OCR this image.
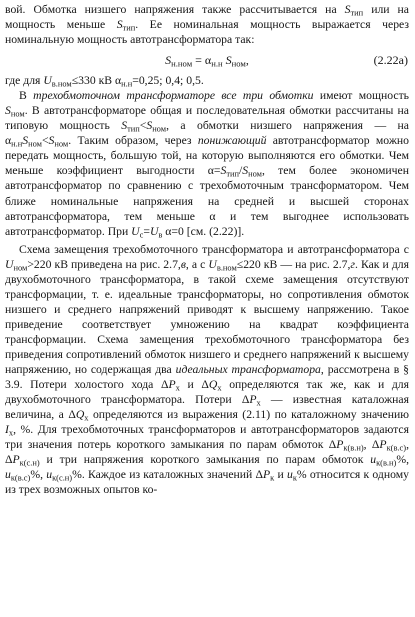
вой. Обмотка низшего напряжения также рассчитывается на $S_{тип}$ или на мощность меньше $S_{тип}$. Ее номинальная мощность выражается через номинальную мощность автотрансформатора так:

$S_{н.ном} = \alpha_{н.н}$ $S_{ном}$,	(2.22а)

где для $U_{в.ном}\le 330$ кВ $\alpha_{н.н}=0,25$; 0,4; 0,5.

В трехобмоточном трансформаторе все три обмотки имеют мощность $S_{ном}$. В автотрансформаторе общая и последовательная обмотки рассчитаны на типовую мощность $S_{тип}<S_{ном}$, а обмотки низшего напряжения — на $\alpha_{н.н}S_{ном}<S_{ном}$. Таким образом, через понижающий автотрансформатор можно передать мощность, большую той, на которую выполняются его обмотки. Чем меньше коэффициент выгодности $\alpha=S_{тип}/S_{ном}$, тем более экономичен автотрансформатор по сравнению с трехобмоточным трансформатором. Чем ближе номинальные напряжения на средней и высшей сторонах автотрансформатора, тем меньше α и тем выгоднее использовать автотрансформатор. При $U_с=U_в$ α=0 [см. (2.22)].

Схема замещения трехобмоточного трансформатора и автотрансформатора с $U_{ном}>220$ кВ приведена на рис. 2.7,в, а с $U_{в.ном}\le 220$ кВ — на рис. 2.7,г. Как и для двухобмоточного трансформатора, в такой схеме замещения отсутствуют трансформации, т. е. идеальные трансформаторы, но сопротивления обмоток низшего и среднего напряжений приводят к высшему напряжению. Такое приведение соответствует умножению на квадрат коэффициента трансформации. Схема замещения трехобмоточного трансформатора без приведения сопротивлений обмоток низшего и среднего напряжений к высшему напряжению, но содержащая два идеальных трансформатора, рассмотрена в § 3.9. Потери холостого хода $\Delta P_х$ и $\Delta Q_х$ определяются так же, как и для двухобмоточного трансформатора. Потери $\Delta P_х$ — известная каталожная величина, а $\Delta Q_х$ определяются из выражения (2.11) по каталожному значению $I_х$, %. Для трехобмоточных трансформаторов и автотрансформаторов задаются три значения потерь короткого замыкания по парам обмоток $\Delta P_{к(в.н)}$, $\Delta P_{к(в.с)}$, $\Delta P_{к(с.н)}$ и три напряжения короткого замыкания по парам обмоток $u_{к(в.н)}\%$, $u_{к(в.с)}\%$, $u_{к(с.н)}\%$. Каждое из каталожных значений $\Delta P_к$ и $u_к\%$ относится к одному из трех возможных опытов ко-
